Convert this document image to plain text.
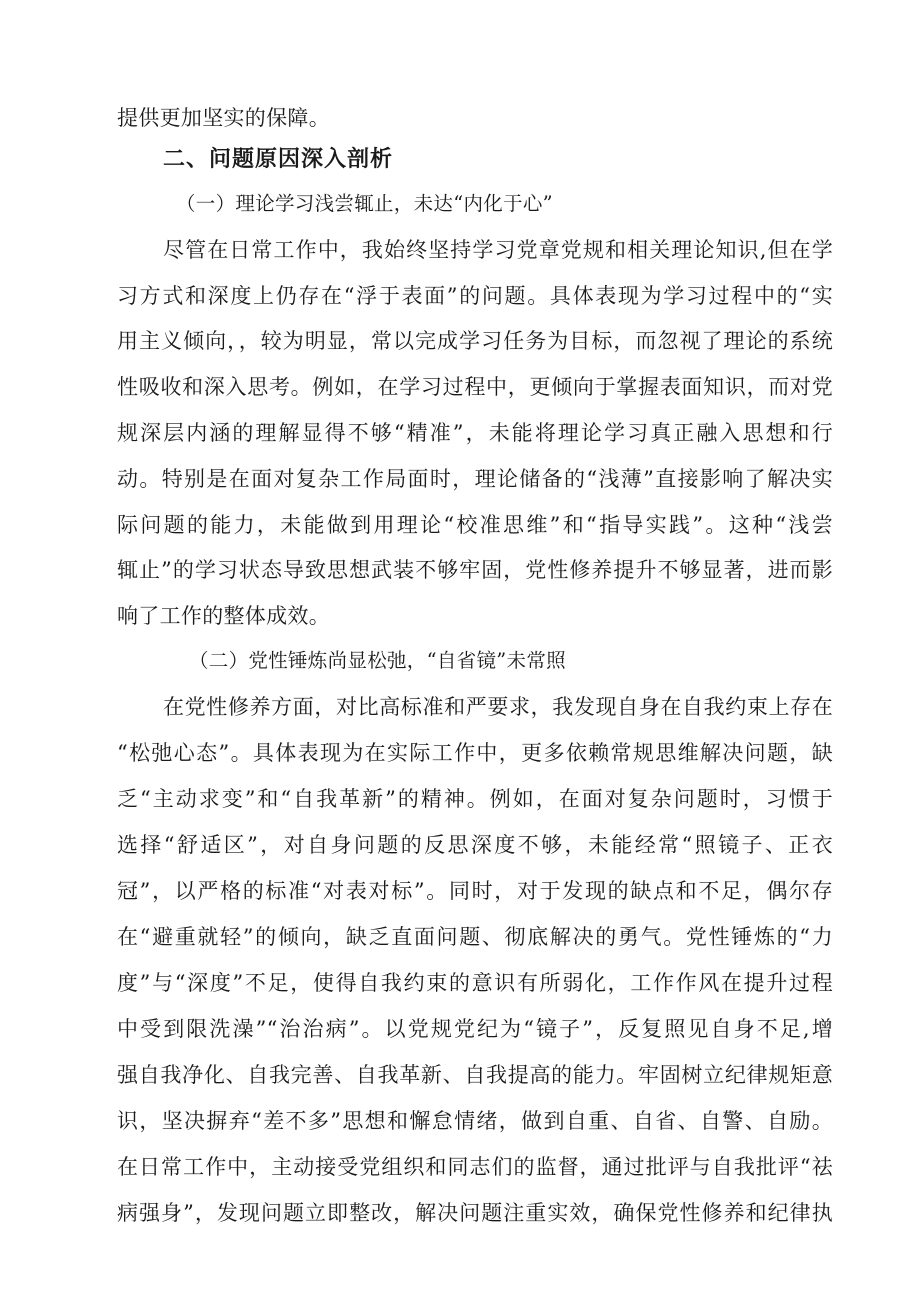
提供更加坚实的保障。

二、问题原因深入剖析

（一）理论学习浅尝辄止，未达“内化于心”

尽管在日常工作中，我始终坚持学习党章党规和相关理论知识,但在学

习方式和深度上仍存在“浮于表面”的问题。具体表现为学习过程中的“实

用主义倾向，，较为明显，常以完成学习任务为目标，而忽视了理论的系统

性吸收和深入思考。例如，在学习过程中，更倾向于掌握表面知识，而对党

规深层内涵的理解显得不够“精准”，未能将理论学习真正融入思想和行

动。特别是在面对复杂工作局面时，理论储备的“浅薄”直接影响了解决实

际问题的能力，未能做到用理论“校准思维”和“指导实践”。这种“浅尝

辄止”的学习状态导致思想武装不够牢固，党性修养提升不够显著，进而影

响了工作的整体成效。

（二）党性锤炼尚显松弛，“自省镜”未常照

在党性修养方面，对比高标准和严要求，我发现自身在自我约束上存在

“松弛心态”。具体表现为在实际工作中，更多依赖常规思维解决问题，缺

乏“主动求变”和“自我革新”的精神。例如，在面对复杂问题时，习惯于

选择“舒适区”，对自身问题的反思深度不够，未能经常“照镜子、正衣

冠”，以严格的标准“对表对标”。同时，对于发现的缺点和不足，偶尔存

在“避重就轻”的倾向，缺乏直面问题、彻底解决的勇气。党性锤炼的“力

度”与“深度”不足，使得自我约束的意识有所弱化，工作作风在提升过程

中受到限洗澡”“治治病”。以党规党纪为“镜子”，反复照见自身不足,增

强自我净化、自我完善、自我革新、自我提高的能力。牢固树立纪律规矩意

识，坚决摒弃“差不多”思想和懈怠情绪，做到自重、自省、自警、自励。

在日常工作中，主动接受党组织和同志们的监督，通过批评与自我批评“祛

病强身”，发现问题立即整改，解决问题注重实效，确保党性修养和纪律执
